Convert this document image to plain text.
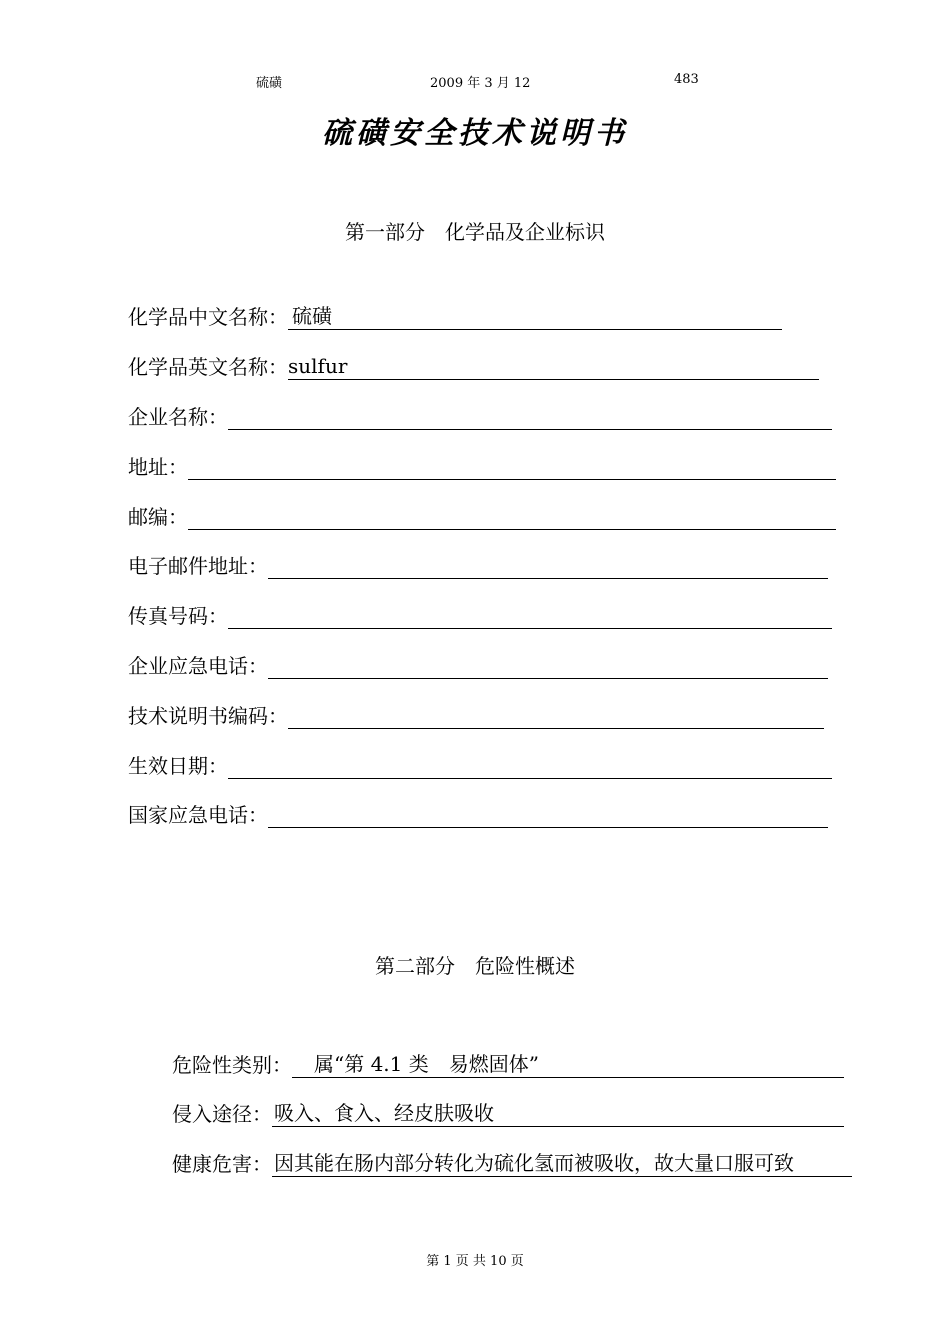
硫磺	2009 年 3 月 12	483
硫磺安全技术说明书
第一部分　化学品及企业标识
化学品中文名称： 硫磺
化学品英文名称： sulfur
企业名称：
地址：
邮编：
电子邮件地址：
传真号码：
企业应急电话：
技术说明书编码：
生效日期：
国家应急电话：
第二部分　危险性概述
危险性类别： 　属“第 4.1 类　易燃固体”
侵入途径： 吸入、食入、经皮肤吸收
健康危害： 因其能在肠内部分转化为硫化氢而被吸收，故大量口服可致
第 1 页 共 10 页
